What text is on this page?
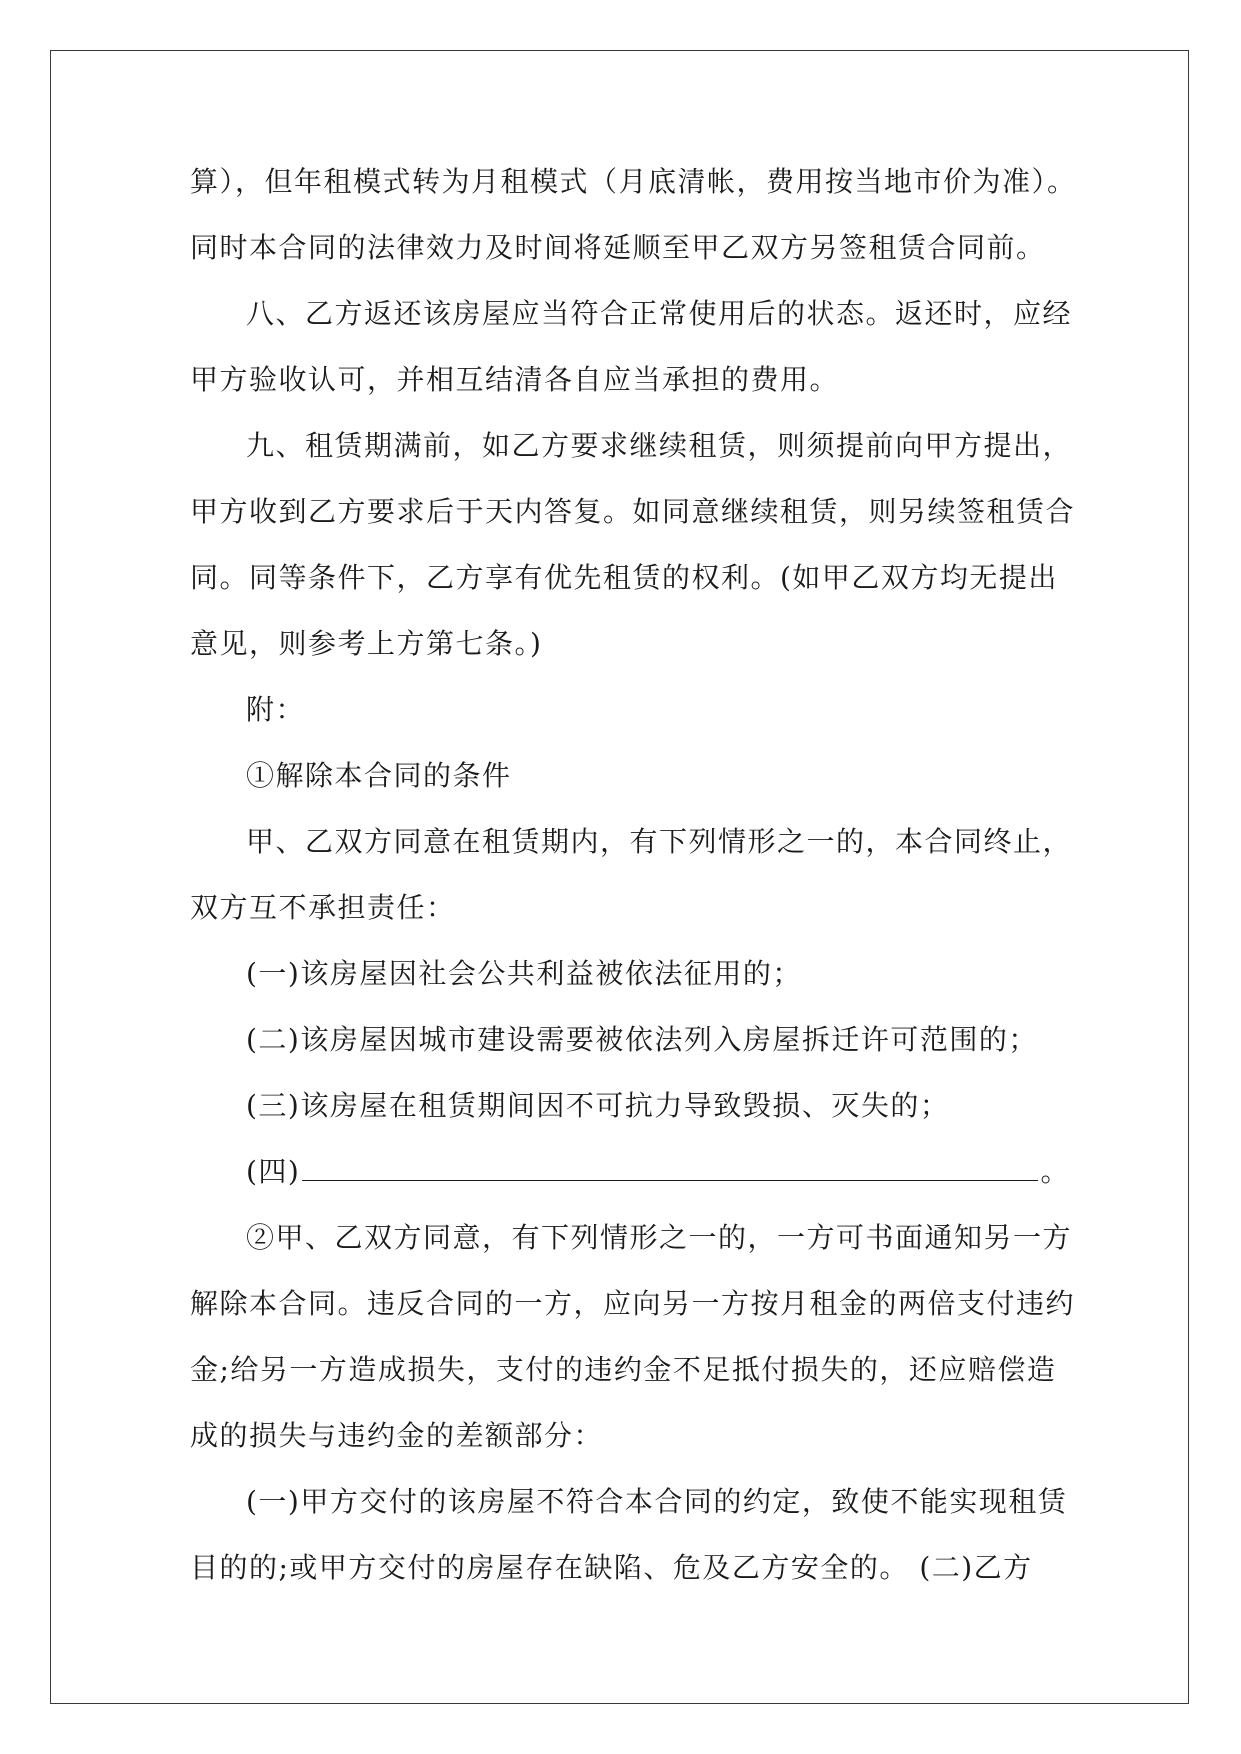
算），但年租模式转为月租模式（月底清帐，费用按当地市价为准）。
同时本合同的法律效力及时间将延顺至甲乙双方另签租赁合同前。
八、乙方返还该房屋应当符合正常使用后的状态。返还时，应经
甲方验收认可，并相互结清各自应当承担的费用。
九、租赁期满前，如乙方要求继续租赁，则须提前向甲方提出，
甲方收到乙方要求后于天内答复。如同意继续租赁，则另续签租赁合
同。同等条件下，乙方享有优先租赁的权利。(如甲乙双方均无提出
意见，则参考上方第七条。)
附：
①解除本合同的条件
甲、乙双方同意在租赁期内，有下列情形之一的，本合同终止，
双方互不承担责任：
(一)该房屋因社会公共利益被依法征用的；
(二)该房屋因城市建设需要被依法列入房屋拆迁许可范围的；
(三)该房屋在租赁期间因不可抗力导致毁损、灭失的；
(四)	。
②甲、乙双方同意，有下列情形之一的，一方可书面通知另一方
解除本合同。违反合同的一方，应向另一方按月租金的两倍支付违约
金;给另一方造成损失，支付的违约金不足抵付损失的，还应赔偿造
成的损失与违约金的差额部分：
(一)甲方交付的该房屋不符合本合同的约定，致使不能实现租赁
目的的;或甲方交付的房屋存在缺陷、危及乙方安全的。 (二)乙方
